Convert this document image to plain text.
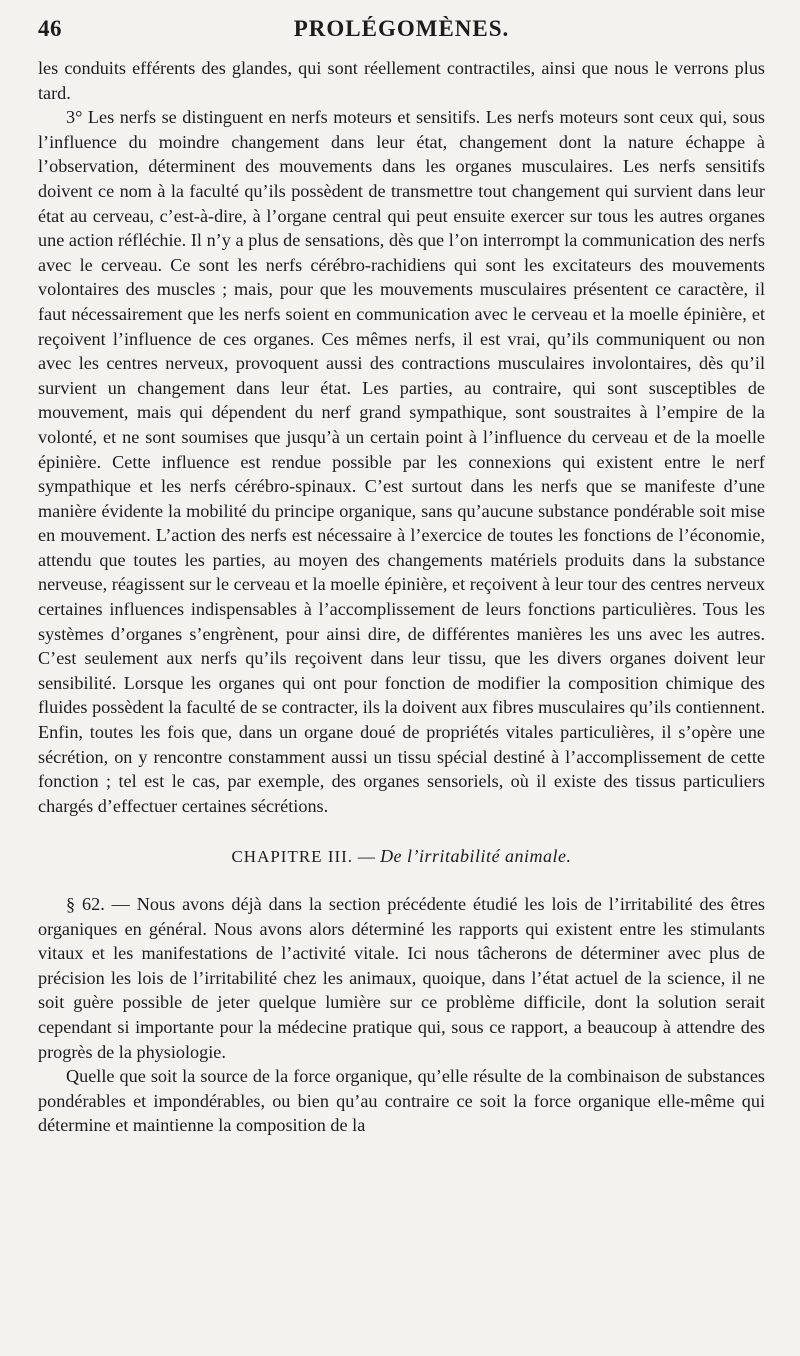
46	PROLÉGOMÈNES.

les conduits efférents des glandes, qui sont réellement contractiles, ainsi que nous le verrons plus tard.

3° Les nerfs se distinguent en nerfs moteurs et sensitifs. Les nerfs moteurs sont ceux qui, sous l’influence du moindre changement dans leur état, changement dont la nature échappe à l’observation, déterminent des mouvements dans les organes musculaires. Les nerfs sensitifs doivent ce nom à la faculté qu’ils possèdent de transmettre tout changement qui survient dans leur état au cerveau, c’est-à-dire, à l’organe central qui peut ensuite exercer sur tous les autres organes une action réfléchie. Il n’y a plus de sensations, dès que l’on interrompt la communication des nerfs avec le cerveau. Ce sont les nerfs cérébro-rachidiens qui sont les excitateurs des mouvements volontaires des muscles ; mais, pour que les mouvements musculaires présentent ce caractère, il faut nécessairement que les nerfs soient en communication avec le cerveau et la moelle épinière, et reçoivent l’influence de ces organes. Ces mêmes nerfs, il est vrai, qu’ils communiquent ou non avec les centres nerveux, provoquent aussi des contractions musculaires involontaires, dès qu’il survient un changement dans leur état. Les parties, au contraire, qui sont susceptibles de mouvement, mais qui dépendent du nerf grand sympathique, sont soustraites à l’empire de la volonté, et ne sont soumises que jusqu’à un certain point à l’influence du cerveau et de la moelle épinière. Cette influence est rendue possible par les connexions qui existent entre le nerf sympathique et les nerfs cérébro-spinaux. C’est surtout dans les nerfs que se manifeste d’une manière évidente la mobilité du principe organique, sans qu’aucune substance pondérable soit mise en mouvement. L’action des nerfs est nécessaire à l’exercice de toutes les fonctions de l’économie, attendu que toutes les parties, au moyen des changements matériels produits dans la substance nerveuse, réagissent sur le cerveau et la moelle épinière, et reçoivent à leur tour des centres nerveux certaines influences indispensables à l’accomplissement de leurs fonctions particulières. Tous les systèmes d’organes s’engrènent, pour ainsi dire, de différentes manières les uns avec les autres. C’est seulement aux nerfs qu’ils reçoivent dans leur tissu, que les divers organes doivent leur sensibilité. Lorsque les organes qui ont pour fonction de modifier la composition chimique des fluides possèdent la faculté de se contracter, ils la doivent aux fibres musculaires qu’ils contiennent. Enfin, toutes les fois que, dans un organe doué de propriétés vitales particulières, il s’opère une sécrétion, on y rencontre constamment aussi un tissu spécial destiné à l’accomplissement de cette fonction ; tel est le cas, par exemple, des organes sensoriels, où il existe des tissus particuliers chargés d’effectuer certaines sécrétions.

CHAPITRE III. — De l’irritabilité animale.

§ 62. — Nous avons déjà dans la section précédente étudié les lois de l’irritabilité des êtres organiques en général. Nous avons alors déterminé les rapports qui existent entre les stimulants vitaux et les manifestations de l’activité vitale. Ici nous tâcherons de déterminer avec plus de précision les lois de l’irritabilité chez les animaux, quoique, dans l’état actuel de la science, il ne soit guère possible de jeter quelque lumière sur ce problème difficile, dont la solution serait cependant si importante pour la médecine pratique qui, sous ce rapport, a beaucoup à attendre des progrès de la physiologie.

Quelle que soit la source de la force organique, qu’elle résulte de la combinaison de substances pondérables et impondérables, ou bien qu’au contraire ce soit la force organique elle-même qui détermine et maintienne la composition de la
